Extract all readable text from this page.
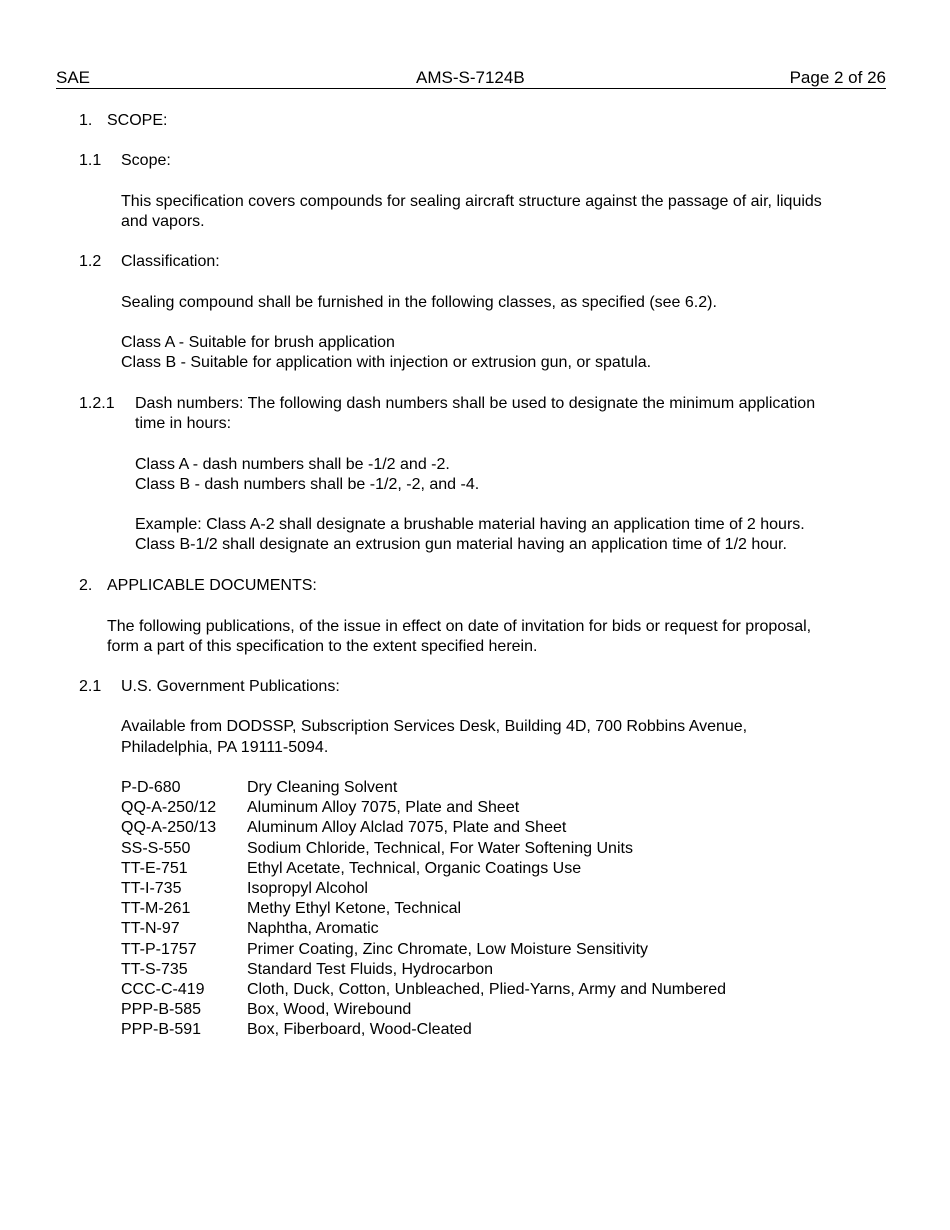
SAE	AMS-S-7124B	Page 2 of 26
1. SCOPE:
1.1 Scope:
This specification covers compounds for sealing aircraft structure against the passage of air, liquids
and vapors.
1.2 Classification:
Sealing compound shall be furnished in the following classes, as specified (see 6.2).
Class A - Suitable for brush application
Class B - Suitable for application with injection or extrusion gun, or spatula.
1.2.1 Dash numbers: The following dash numbers shall be used to designate the minimum application
time in hours:
Class A - dash numbers shall be -1/2 and -2.
Class B - dash numbers shall be -1/2, -2, and -4.
Example: Class A-2 shall designate a brushable material having an application time of 2 hours.
Class B-1/2 shall designate an extrusion gun material having an application time of 1/2 hour.
2. APPLICABLE DOCUMENTS:
The following publications, of the issue in effect on date of invitation for bids or request for proposal,
form a part of this specification to the extent specified herein.
2.1 U.S. Government Publications:
Available from DODSSP, Subscription Services Desk, Building 4D, 700 Robbins Avenue,
Philadelphia, PA 19111-5094.
P-D-680	Dry Cleaning Solvent
QQ-A-250/12 Aluminum Alloy 7075, Plate and Sheet
QQ-A-250/13 Aluminum Alloy Alclad 7075, Plate and Sheet
SS-S-550	Sodium Chloride, Technical, For Water Softening Units
TT-E-751	Ethyl Acetate, Technical, Organic Coatings Use
TT-I-735	Isopropyl Alcohol
TT-M-261	Methy Ethyl Ketone, Technical
TT-N-97	Naphtha, Aromatic
TT-P-1757	Primer Coating, Zinc Chromate, Low Moisture Sensitivity
TT-S-735	Standard Test Fluids, Hydrocarbon
CCC-C-419	Cloth, Duck, Cotton, Unbleached, Plied-Yarns, Army and Numbered
PPP-B-585	Box, Wood, Wirebound
PPP-B-591	Box, Fiberboard, Wood-Cleated
